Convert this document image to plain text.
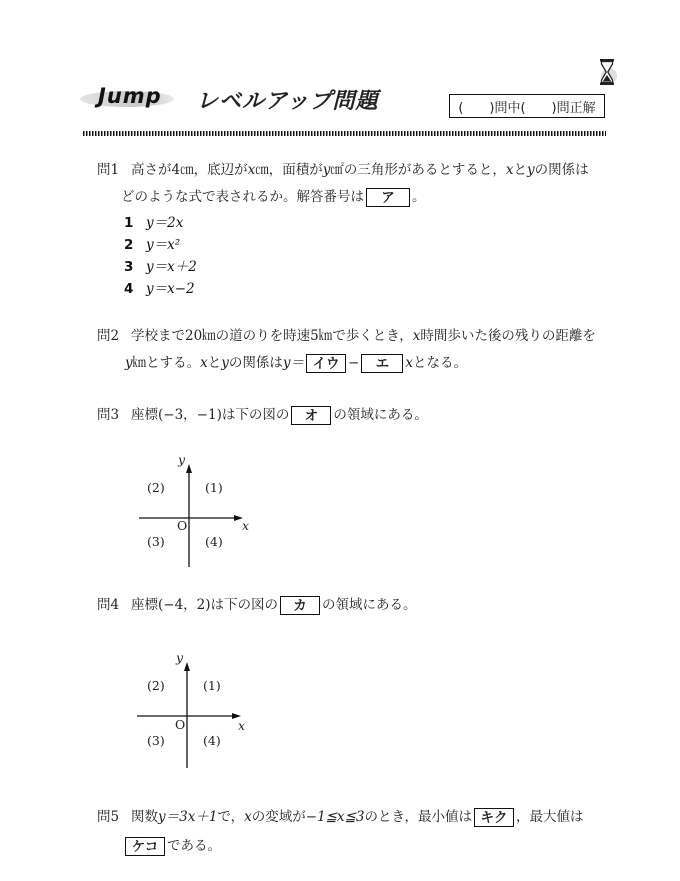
Jump レベルアップ問題	(　　)問中(　　)問正解
問1 高さが4㎝，底辺がx㎝，面積がy㎠の三角形があるとすると，xとyの関係は
どのような式で表されるか。解答番号は ア 。
1 y＝2x
2 y＝x²
3 y＝x＋2
4 y＝x−2
問2 学校まで20㎞の道のりを時速5㎞で歩くとき，x時間歩いた後の残りの距離を
y㎞とする。xとyの関係はy＝ イウ − エ xとなる。
問3 座標(−3，−1)は下の図の オ の領域にある。
y
x
O
(1)
(2)
(3)	(4)
問4 座標(−4，2)は下の図の カ の領域にある。
y
x
O
(1)
(2)
(3)	(4)
問5 関数y＝3x＋1で，xの変域が−1≦x≦3のとき，最小値は キク ，最大値は
ケコ である。
